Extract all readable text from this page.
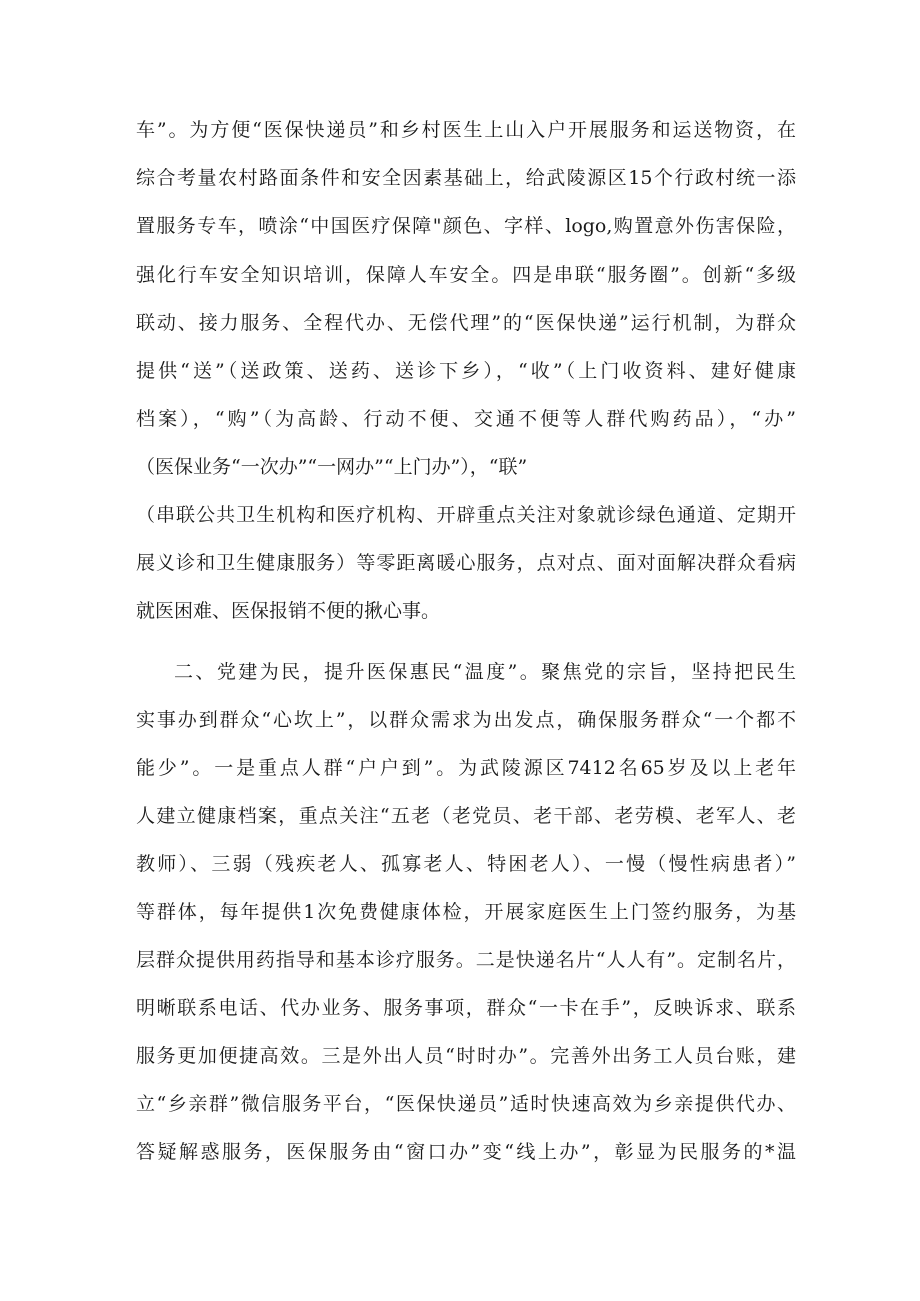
车”。为方便“医保快递员”和乡村医生上山入户开展服务和运送物资，在
综合考量农村路面条件和安全因素基础上，给武陵源区15个行政村统一添
置服务专车，喷涂“中国医疗保障"颜色、字样、logo,购置意外伤害保险，
强化行车安全知识培训，保障人车安全。四是串联“服务圈”。创新“多级
联动、接力服务、全程代办、无偿代理”的“医保快递”运行机制，为群众
提供“送”（送政策、送药、送诊下乡），“收”（上门收资料、建好健康
档案），“购”（为高龄、行动不便、交通不便等人群代购药品），“办”
（医保业务“一次办”“一网办”“上门办”），“联”
（串联公共卫生机构和医疗机构、开辟重点关注对象就诊绿色通道、定期开
展义诊和卫生健康服务）等零距离暖心服务，点对点、面对面解决群众看病
就医困难、医保报销不便的揪心事。
二、党建为民，提升医保惠民“温度”。聚焦党的宗旨，坚持把民生
实事办到群众“心坎上”，以群众需求为出发点，确保服务群众“一个都不
能少”。一是重点人群“户户到”。为武陵源区7412名65岁及以上老年
人建立健康档案，重点关注“五老（老党员、老干部、老劳模、老军人、老
教师）、三弱（残疾老人、孤寡老人、特困老人）、一慢（慢性病患者）”
等群体，每年提供1次免费健康体检，开展家庭医生上门签约服务，为基
层群众提供用药指导和基本诊疗服务。二是快递名片“人人有”。定制名片，
明晰联系电话、代办业务、服务事项，群众“一卡在手”，反映诉求、联系
服务更加便捷高效。三是外出人员“时时办”。完善外出务工人员台账，建
立“乡亲群”微信服务平台，“医保快递员”适时快速高效为乡亲提供代办、
答疑解惑服务，医保服务由“窗口办”变“线上办”，彰显为民服务的*温
